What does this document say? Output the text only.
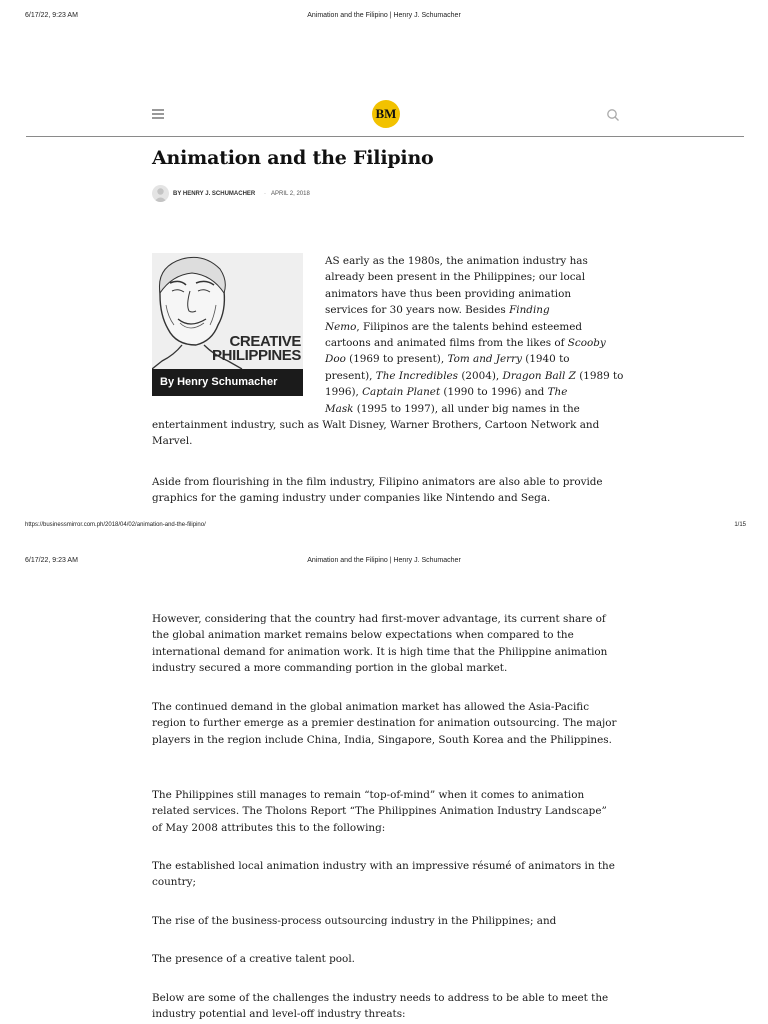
6/17/22, 9:23 AM	Animation and the Filipino | Henry J. Schumacher
BM
Animation and the Filipino
BY HENRY J. SCHUMACHER · APRIL 2, 2018
CREATIVE
PHILIPPINES
By Henry Schumacher
AS early as the 1980s, the animation industry has
already been present in the Philippines; our local
animators have thus been providing animation
services for 30 years now. Besides Finding
Nemo, Filipinos are the talents behind esteemed
cartoons and animated films from the likes of Scooby
Doo (1969 to present), Tom and Jerry (1940 to
present), The Incredibles (2004), Dragon Ball Z (1989 to
1996), Captain Planet (1990 to 1996) and The
Mask (1995 to 1997), all under big names in the
entertainment industry, such as Walt Disney, Warner Brothers, Cartoon Network and
Marvel.

Aside from flourishing in the film industry, Filipino animators are also able to provide graphics for the gaming industry under companies like Nintendo and Sega.

https://businessmirror.com.ph/2018/04/02/animation-and-the-filipino/	1/15
6/17/22, 9:23 AM	Animation and the Filipino | Henry J. Schumacher

However, considering that the country had first-mover advantage, its current share of the global animation market remains below expectations when compared to the international demand for animation work. It is high time that the Philippine animation industry secured a more commanding portion in the global market.

The continued demand in the global animation market has allowed the Asia-Pacific region to further emerge as a premier destination for animation outsourcing. The major players in the region include China, India, Singapore, South Korea and the Philippines.

The Philippines still manages to remain “top-of-mind” when it comes to animation related services. The Tholons Report “The Philippines Animation Industry Landscape” of May 2008 attributes this to the following:

The established local animation industry with an impressive résumé of animators in the country;

The rise of the business-process outsourcing industry in the Philippines; and

The presence of a creative talent pool.

Below are some of the challenges the industry needs to address to be able to meet the industry potential and level-off industry threats:
